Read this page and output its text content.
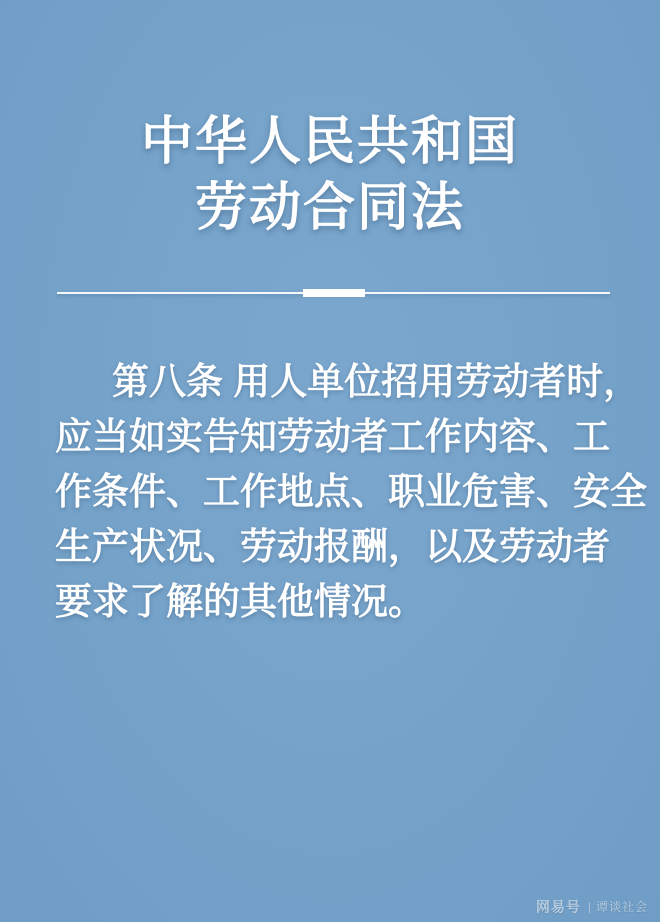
中华人民共和国
劳动合同法
第八条 用人单位招用劳动者时，
应当如实告知劳动者工作内容、工
作条件、工作地点、职业危害、安全
生产状况、劳动报酬，以及劳动者
要求了解的其他情况。
网易号 | 谭谈社会
